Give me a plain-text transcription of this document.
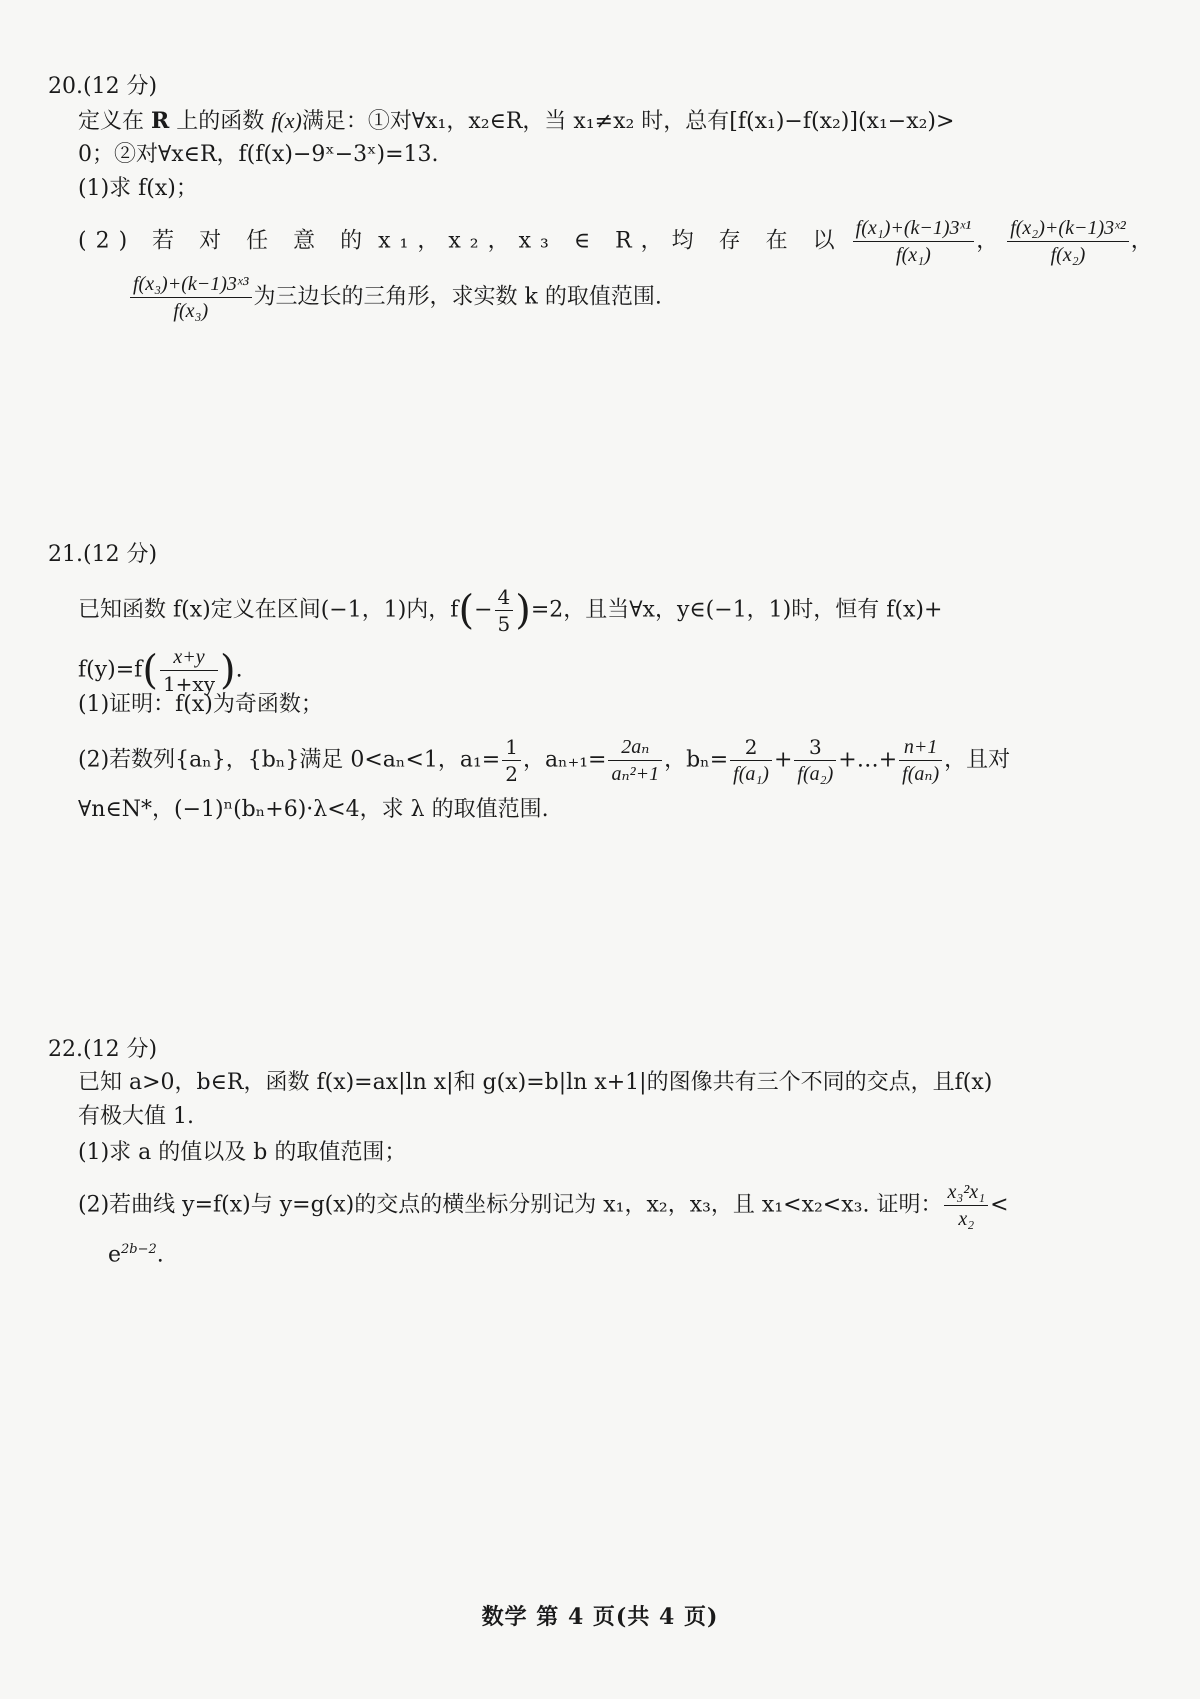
20.(12 分)
定义在 R 上的函数 f(x)满足：①对∀x₁，x₂∈R，当 x₁≠x₂ 时，总有[f(x₁)−f(x₂)](x₁−x₂)>
0；②对∀x∈R，f(f(x)−9ˣ−3ˣ)=13.
(1)求 f(x)；
(2) 若 对 任 意 的 x₁，x₂，x₃ ∈ R，均 存 在 以 $\frac{\text{f(x₁)+(k−1)3ˣ¹}}{\text{f(x₁)}}$ ， $\frac{\text{f(x₂)+(k−1)3ˣ²}}{\text{f(x₂)}}$ ，
$\frac{\text{f(x₃)+(k−1)3ˣ³}}{\text{f(x₃)}}$ 为三边长的三角形，求实数 k 的取值范围.
21.(12 分)
已知函数 f(x)定义在区间(−1，1)内，$f(- \frac{4}{5} )=2$，且当∀x，y∈(−1，1)时，恒有 f(x)+
$f(y)=f( \frac{x+y}{1+xy}$ ).
(1)证明：f(x)为奇函数；
(2)若数列{aₙ}，{bₙ}满足 0<aₙ<1，$a_1= \frac{1}{2}$ ，$a_{n+1}= \frac{\text{2aₙ}}{\text{aₙ²+1}}$ ，$b_n= \frac{2}{\text{f(a₁)}} + \frac{3}{\text{f(a₂)}}$ +…+ $\frac{n+1}{\text{f(aₙ)}}$ ，且对
∀n∈N*，(−1)ⁿ(bₙ+6)·λ<4，求 λ 的取值范围.
22.(12 分)
已知 a>0，b∈R，函数 f(x)=ax|ln x|和 g(x)=b|ln x+1|的图像共有三个不同的交点，且f(x)
有极大值 1.
(1)求 a 的值以及 b 的取值范围；
(2)若曲线 y=f(x)与 y=g(x)的交点的横坐标分别记为 x₁，x₂，x₃，且 x₁<x₂<x₃. 证明： $\frac{\text{x₃²x₁}}{\text{x₂}}$ <
$e^{2b-2}$.
数学 第 4 页(共 4 页)
